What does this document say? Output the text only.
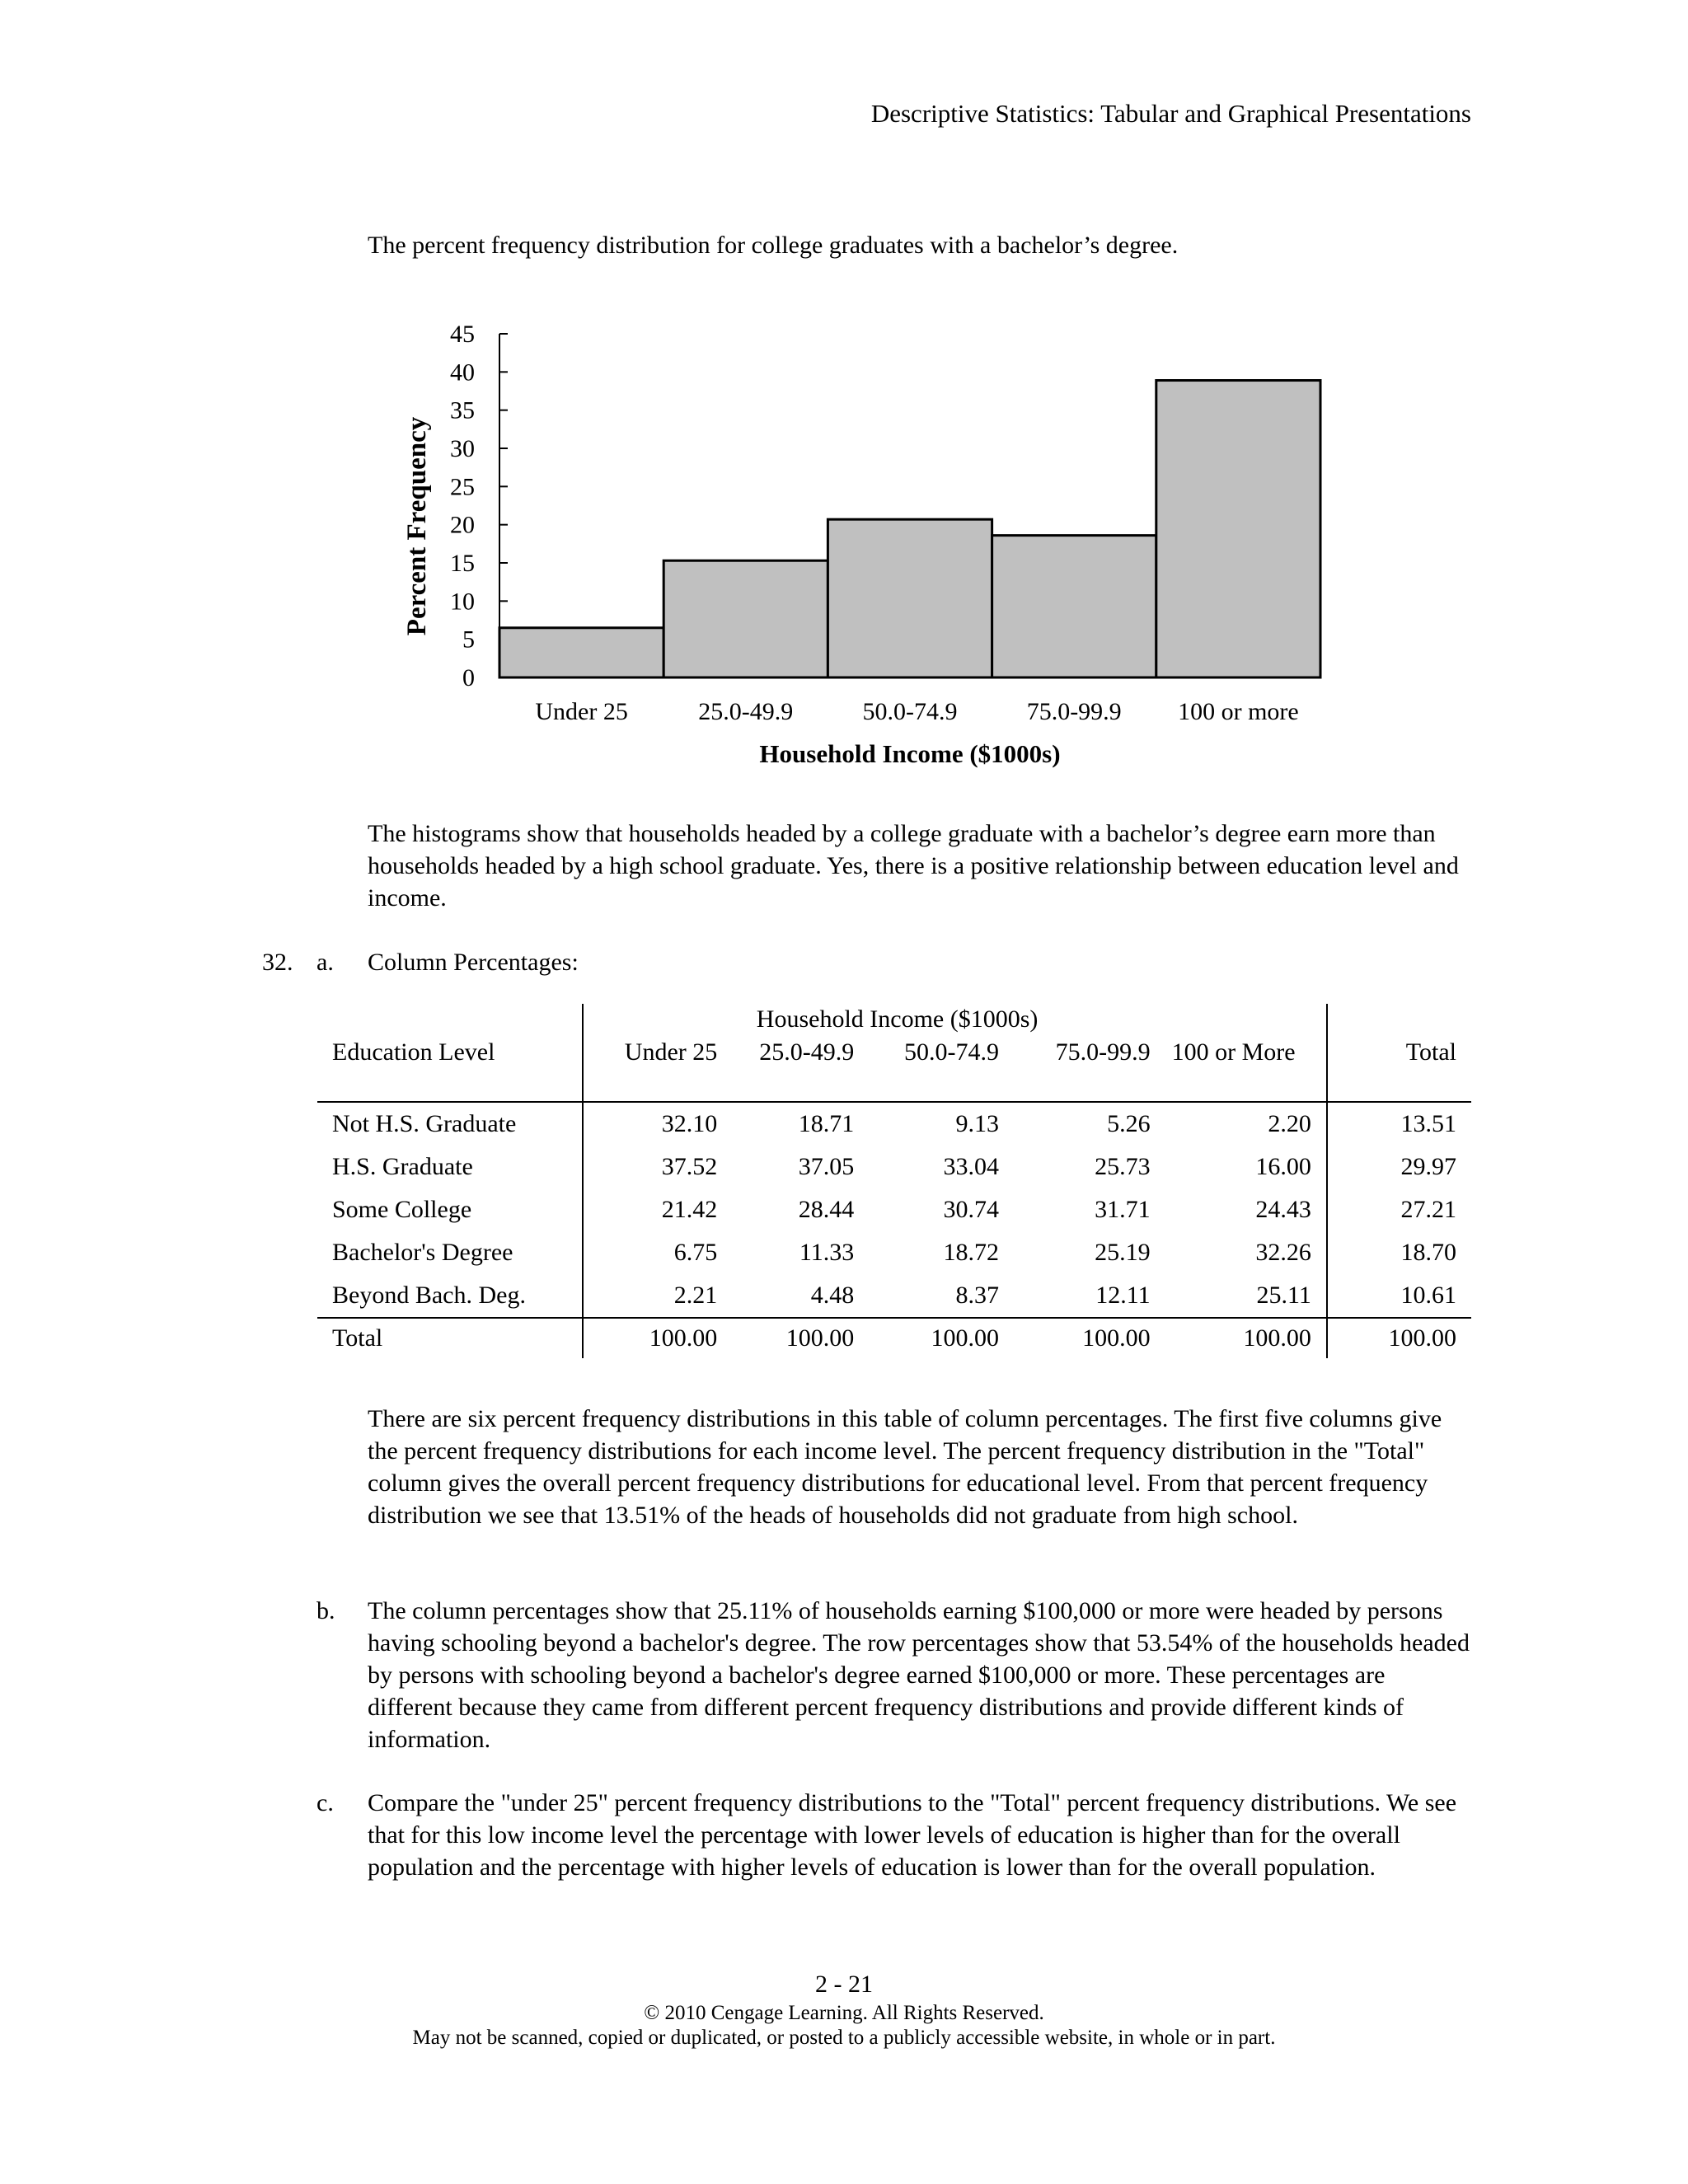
Descriptive Statistics: Tabular and Graphical Presentations
The percent frequency distribution for college graduates with a bachelor’s degree.
0
5
10
15
20
25
30
35
40
45
Under 25	25.0-49.9	50.0-74.9	75.0-99.9 100 or more
Household Income ($1000s)
Percent Frequency
The histograms show that households headed by a college graduate with a bachelor’s degree earn more than households headed by a high school graduate. Yes, there is a positive relationship between education level and income.
32. a. Column Percentages:
	Household Income ($1000s)					
Education Level	Under 25	25.0-49.9	50.0-74.9	75.0-99.9	100 or More	Total
Not H.S. Graduate	32.10	18.71	9.13	5.26	2.20	13.51
H.S. Graduate	37.52	37.05	33.04	25.73	16.00	29.97
Some College	21.42	28.44	30.74	31.71	24.43	27.21
Bachelor's Degree	6.75	11.33	18.72	25.19	32.26	18.70
Beyond Bach. Deg.	2.21	4.48	8.37	12.11	25.11	10.61
Total	100.00	100.00	100.00	100.00	100.00	100.00
There are six percent frequency distributions in this table of column percentages. The first five columns give the percent frequency distributions for each income level. The percent frequency distribution in the "Total" column gives the overall percent frequency distributions for educational level. From that percent frequency distribution we see that 13.51% of the heads of households did not graduate from high school.
b. The column percentages show that 25.11% of households earning $100,000 or more were headed by persons having schooling beyond a bachelor's degree. The row percentages show that 53.54% of the households headed by persons with schooling beyond a bachelor's degree earned $100,000 or more. These percentages are different because they came from different percent frequency distributions and provide different kinds of information.
c. Compare the "under 25" percent frequency distributions to the "Total" percent frequency distributions. We see that for this low income level the percentage with lower levels of education is higher than for the overall population and the percentage with higher levels of education is lower than for the overall population.
2 - 21
© 2010 Cengage Learning. All Rights Reserved.
May not be scanned, copied or duplicated, or posted to a publicly accessible website, in whole or in part.
